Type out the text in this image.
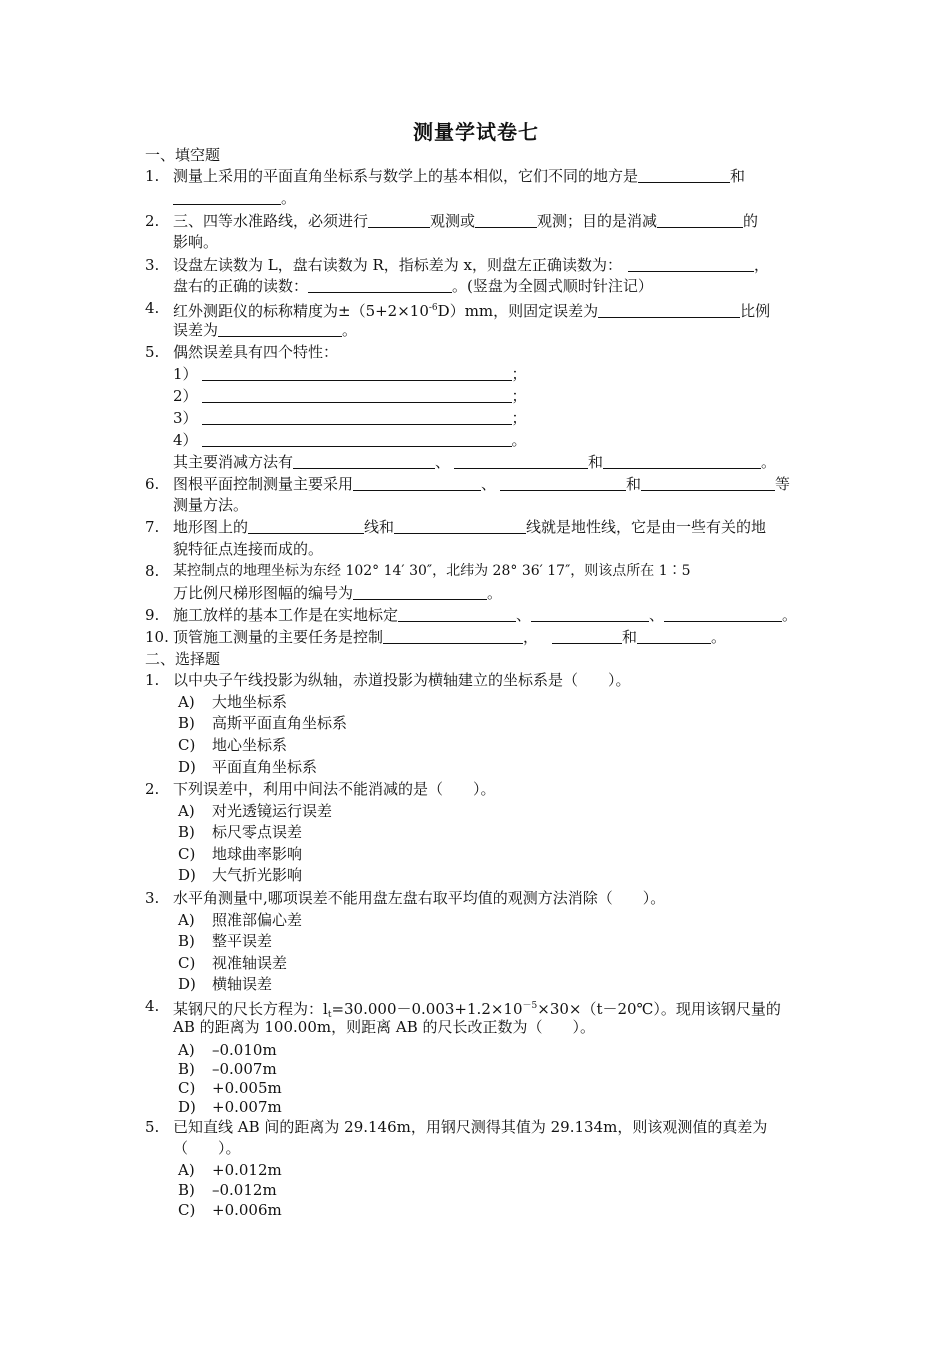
测量学试卷七
一、填空题
1. 测量上采用的平面直角坐标系与数学上的基本相似，它们不同的地方是	和
。
2. 三、四等水准路线，必须进行	观测或	观测；目的是消减	的
影响。
3. 设盘左读数为 L，盘右读数为 R，指标差为 x，则盘左正确读数为：	，
盘右的正确的读数：	。(竖盘为全圆式顺时针注记）
4. 红外测距仪的标称精度为$\pm(5+2\times 10^{-6}D)mm$，则固定误差为	比例
误差为	。
5. 偶然误差具有四个特性：
1）	；
2）	；
3）	；
4）	。
其主要消减方法有	、	和	。
6. 图根平面控制测量主要采用	、	和	等
测量方法。
7. 地形图上的	线和	线就是地性线，它是由一些有关的地
貌特征点连接而成的。
8. 某控制点的地理坐标为东经 102° 14′ 30″，北纬为 28° 36′ 17″，则该点所在 1∶5
万比例尺梯形图幅的编号为	。
9. 施工放样的基本工作是在实地标定	、	、	。
10. 顶管施工测量的主要任务是控制	，	和	。
二、选择题
1. 以中央子午线投影为纵轴，赤道投影为横轴建立的坐标系是（　　）。
A) 大地坐标系
B) 高斯平面直角坐标系
C) 地心坐标系
D) 平面直角坐标系
2. 下列误差中，利用中间法不能消减的是（　　）。
A) 对光透镜运行误差
B) 标尺零点误差
C) 地球曲率影响
D) 大气折光影响
3. 水平角测量中,哪项误差不能用盘左盘右取平均值的观测方法消除（　　）。
A) 照准部偏心差
B) 整平误差
C) 视准轴误差
D) 横轴误差
4. 某钢尺的尺长方程为：$l_t=30.000-0.003+1.2\times 10^{-5}\times 30\times(t-20℃)$。现用该钢尺量的
AB 的距离为 100.00m，则距离 AB 的尺长改正数为（　　）。
A) –0.010m
B) –0.007m
C) +0.005m
D) +0.007m
5. 已知直线 AB 间的距离为 29.146m，用钢尺测得其值为 29.134m，则该观测值的真差为
（　　）。
A) +0.012m
B) –0.012m
C) +0.006m
